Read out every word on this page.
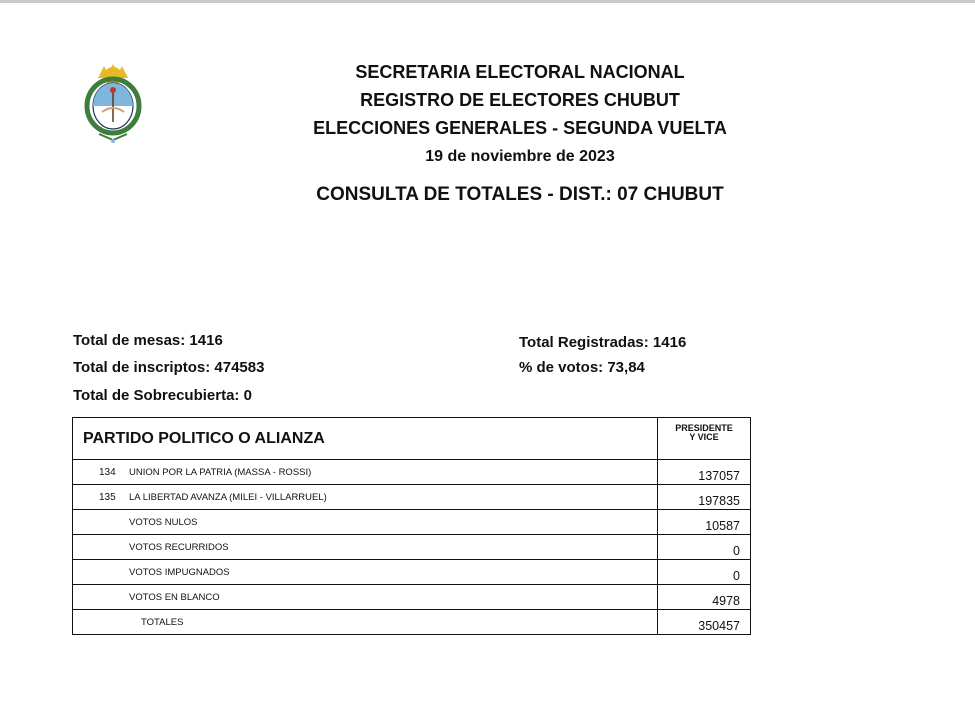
SECRETARIA ELECTORAL NACIONAL
REGISTRO DE ELECTORES CHUBUT
ELECCIONES GENERALES - SEGUNDA VUELTA
19 de noviembre de 2023
CONSULTA DE TOTALES - DIST.: 07 CHUBUT
Total de mesas: 1416
Total de inscriptos: 474583
Total de Sobrecubierta: 0
Total Registradas: 1416
% de votos: 73,84
PARTIDO POLITICO O ALIANZA	PRESIDENTE
Y VICE

134 UNION POR LA PATRIA (MASSA - ROSSI)	137057
135 LA LIBERTAD AVANZA (MILEI - VILLARRUEL)	197835
VOTOS NULOS	10587
VOTOS RECURRIDOS	0
VOTOS IMPUGNADOS	0
VOTOS EN BLANCO	4978
TOTALES	350457
